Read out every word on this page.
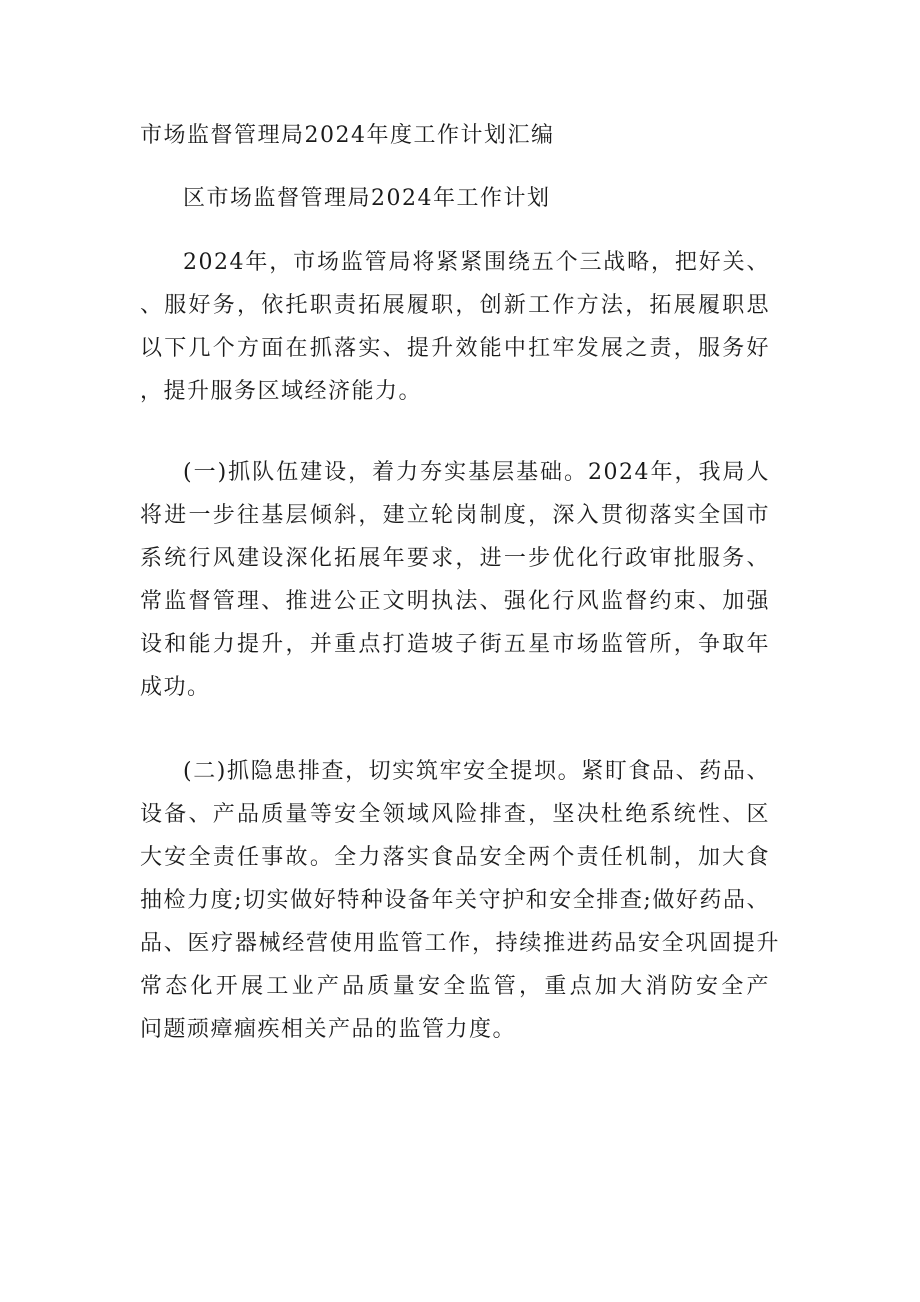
市场监督管理局2024年度工作计划汇编
区市场监督管理局2024年工作计划
2024年，市场监管局将紧紧围绕五个三战略，把好关、
、服好务，依托职责拓展履职，创新工作方法，拓展履职思
以下几个方面在抓落实、提升效能中扛牢发展之责，服务好
，提升服务区域经济能力。
(一)抓队伍建设，着力夯实基层基础。2024年，我局人
将进一步往基层倾斜，建立轮岗制度，深入贯彻落实全国市
系统行风建设深化拓展年要求，进一步优化行政审批服务、
常监督管理、推进公正文明执法、强化行风监督约束、加强
设和能力提升，并重点打造坡子街五星市场监管所，争取年
成功。
(二)抓隐患排查，切实筑牢安全提坝。紧盯食品、药品、
设备、产品质量等安全领域风险排查，坚决杜绝系统性、区
大安全责任事故。全力落实食品安全两个责任机制，加大食
抽检力度;切实做好特种设备年关守护和安全排查;做好药品、
品、医疗器械经营使用监管工作，持续推进药品安全巩固提升
常态化开展工业产品质量安全监管，重点加大消防安全产
问题顽瘴痼疾相关产品的监管力度。
